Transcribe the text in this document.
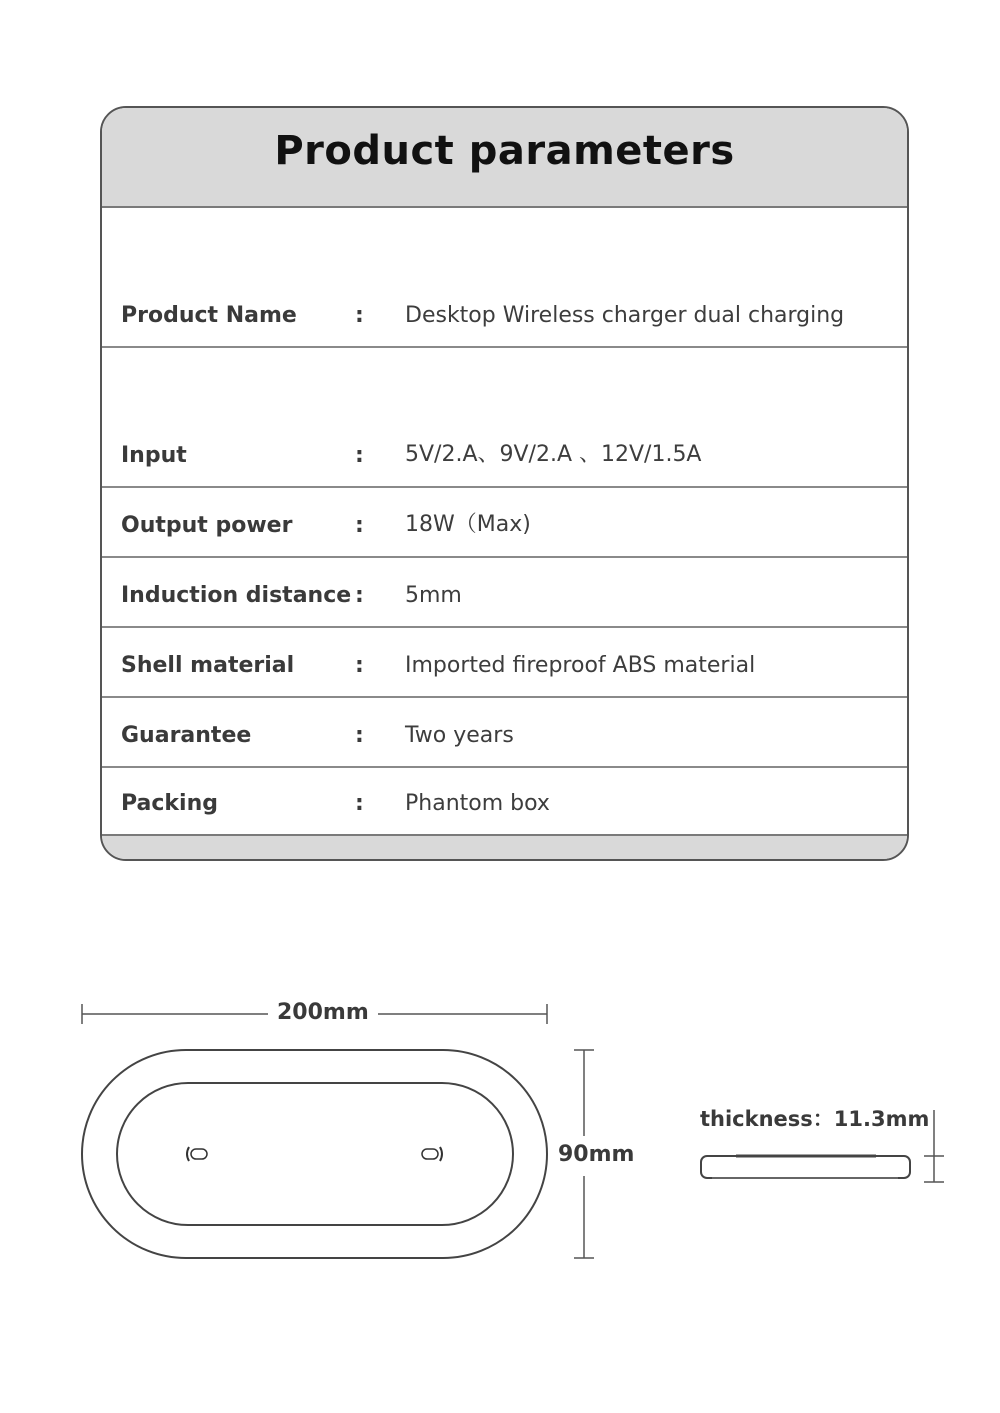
Product parameters
Product Name	: Desktop Wireless charger dual charging
Input	: 5V/2.A、9V/2.A 、12V/1.5A
Output power	: 18W（Max)
Induction distance : 5mm
Shell material	: Imported fireproof ABS material
Guarantee	: Two years
Packing	: Phantom box
200mm
90mm
thickness：11.3mm
